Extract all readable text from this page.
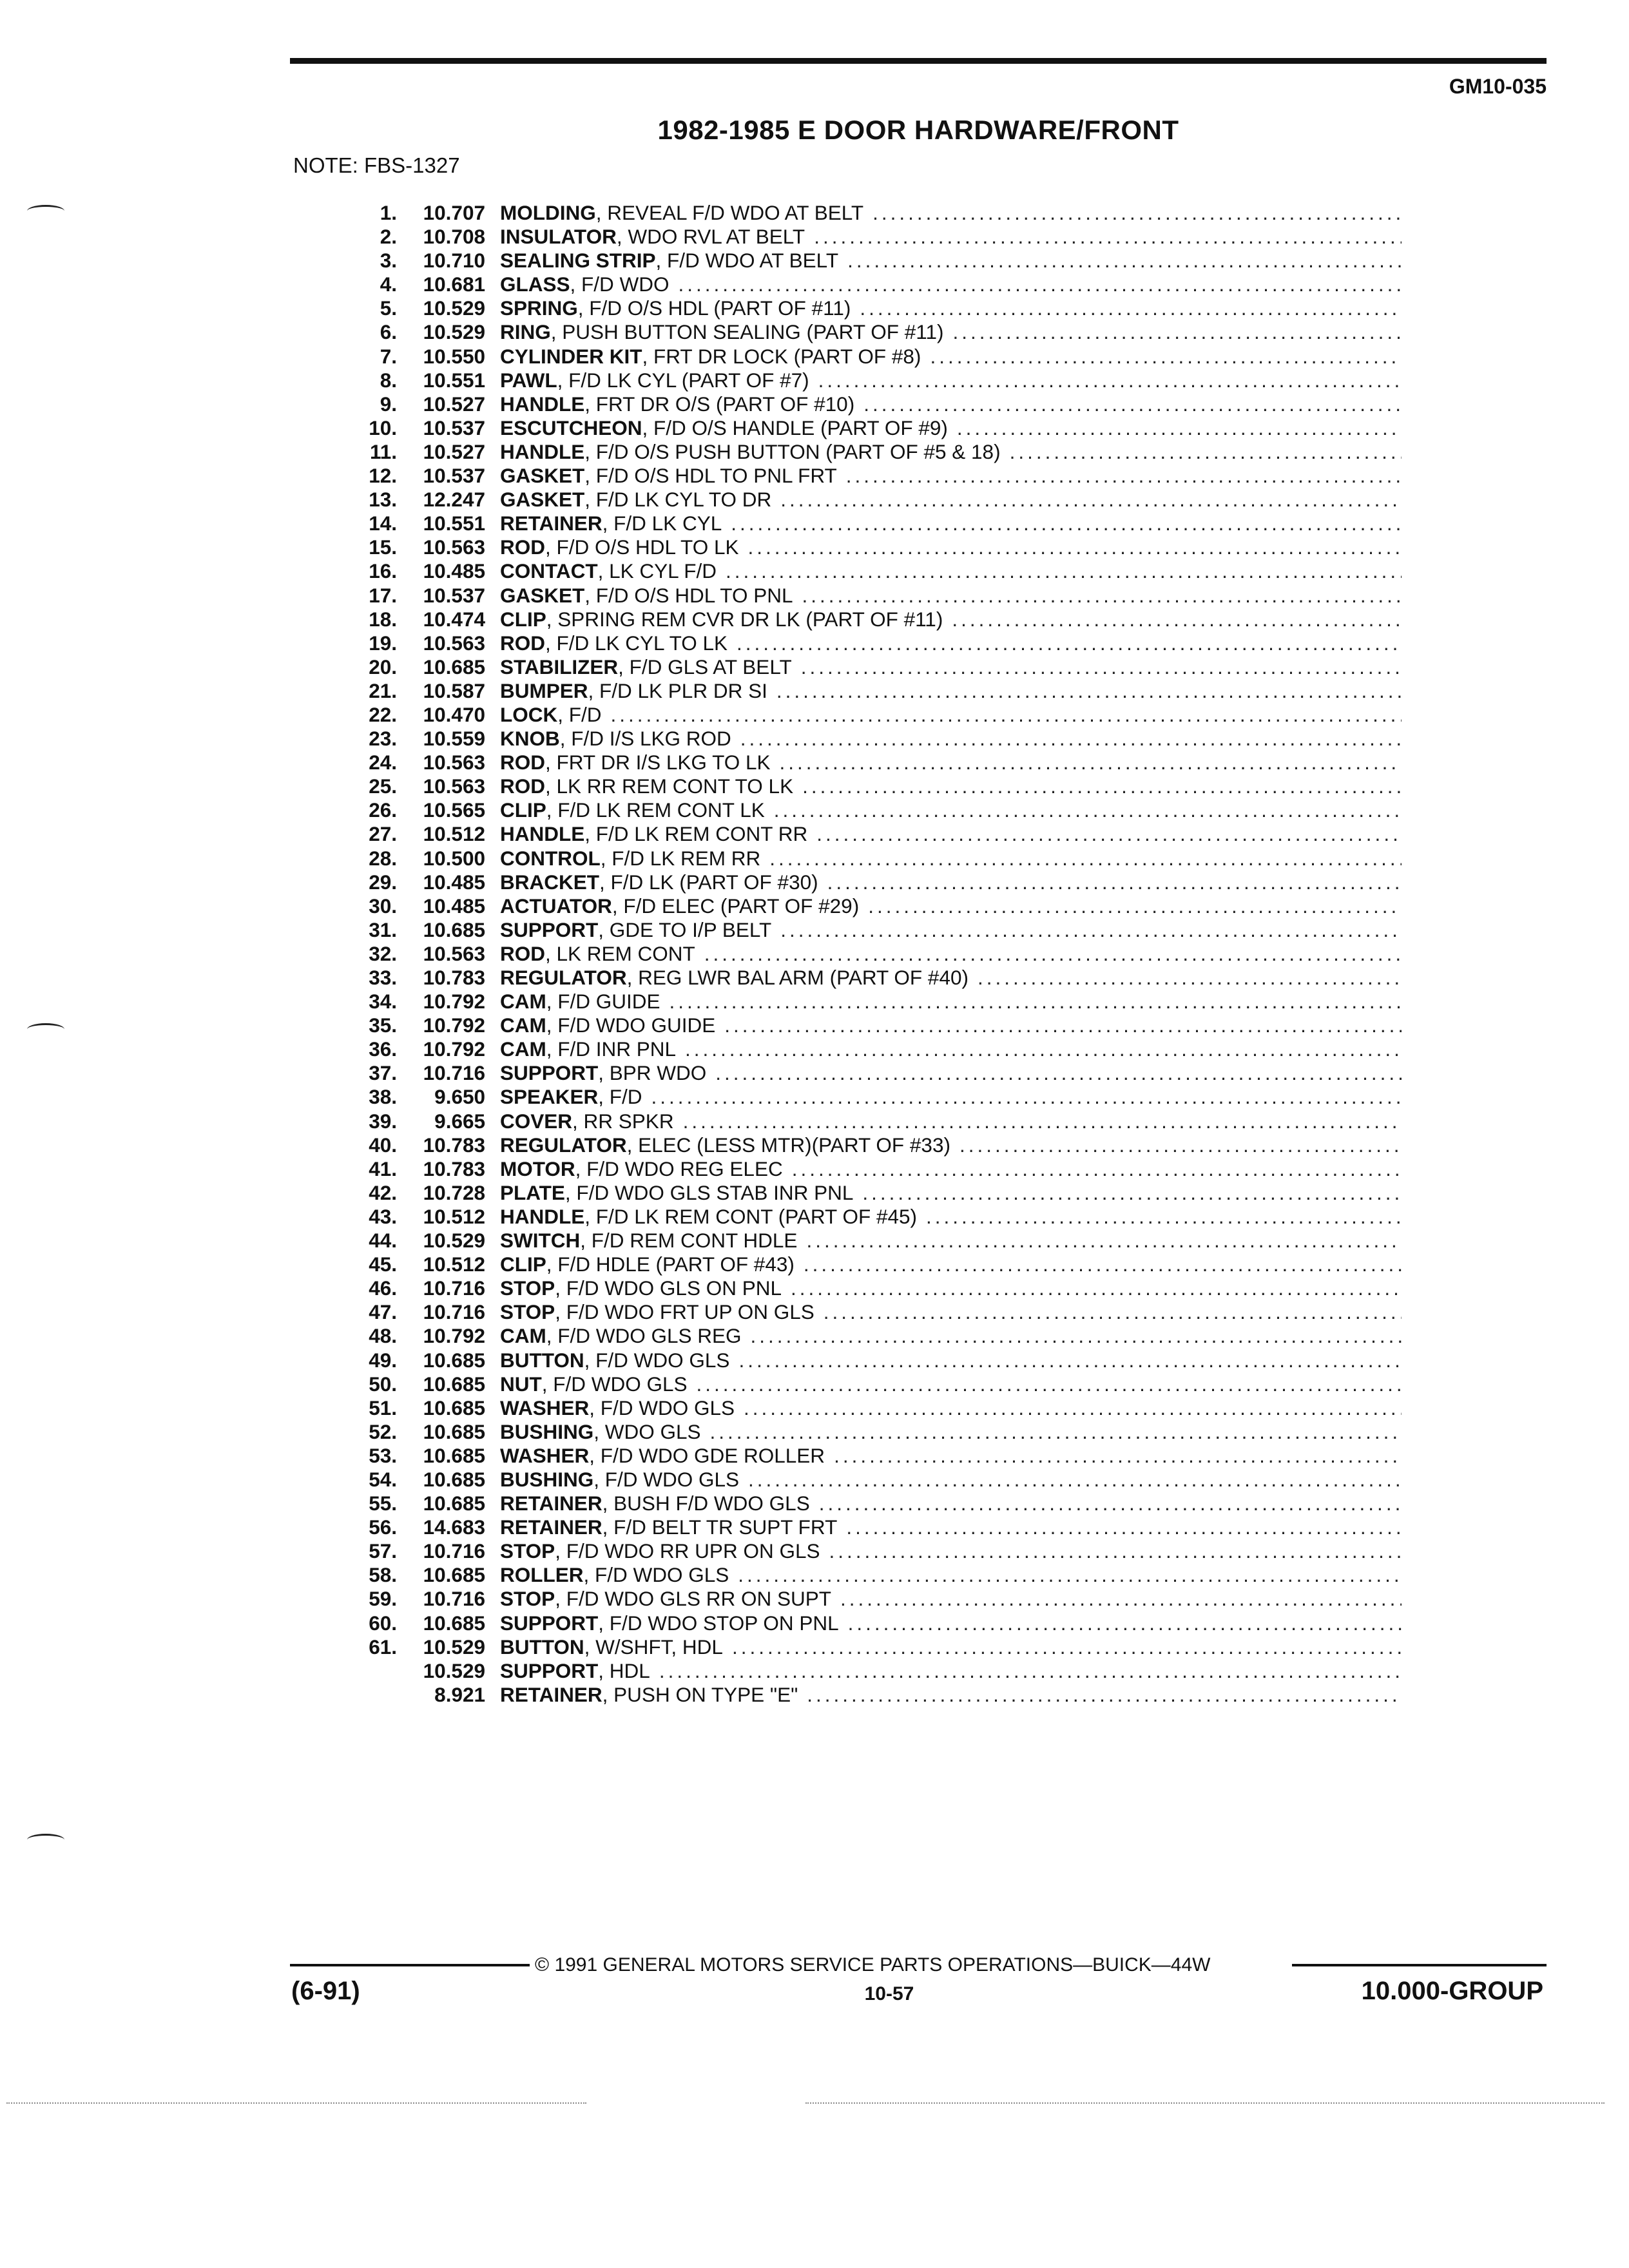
GM10-035
1982-1985 E DOOR HARDWARE/FRONT
NOTE: FBS-1327
1.	10.707 MOLDING, REVEAL F/D WDO AT BELT
.....
2.	10.708 INSULATOR, WDO RVL AT BELT
.....
3.	10.710 SEALING STRIP, F/D WDO AT BELT
.....
4.	10.681 GLASS, F/D WDO
.....
5.	10.529 SPRING, F/D O/S HDL (PART OF #11)
.....
6.	10.529 RING, PUSH BUTTON SEALING (PART OF #11)
.....
7.	10.550 CYLINDER KIT, FRT DR LOCK (PART OF #8)
.....
8.	10.551 PAWL, F/D LK CYL (PART OF #7)
.....
9.	10.527 HANDLE, FRT DR O/S (PART OF #10)
.....
10.	10.537 ESCUTCHEON, F/D O/S HANDLE (PART OF #9)
.....
11.	10.527 HANDLE, F/D O/S PUSH BUTTON (PART OF #5 & 18)
.....
12.	10.537 GASKET, F/D O/S HDL TO PNL FRT
.....
13.	12.247 GASKET, F/D LK CYL TO DR
.....
14.	10.551 RETAINER, F/D LK CYL
.....
15.	10.563 ROD, F/D O/S HDL TO LK
.....
16.	10.485 CONTACT, LK CYL F/D
.....
17.	10.537 GASKET, F/D O/S HDL TO PNL
.....
18.	10.474 CLIP, SPRING REM CVR DR LK (PART OF #11)
.....
19.	10.563 ROD, F/D LK CYL TO LK
.....
20.	10.685 STABILIZER, F/D GLS AT BELT
.....
21.	10.587 BUMPER, F/D LK PLR DR SI
.....
22.	10.470 LOCK, F/D
.....
23.	10.559 KNOB, F/D I/S LKG ROD
.....
24.	10.563 ROD, FRT DR I/S LKG TO LK
.....
25.	10.563 ROD, LK RR REM CONT TO LK
.....
26.	10.565 CLIP, F/D LK REM CONT LK
.....
27.	10.512 HANDLE, F/D LK REM CONT RR
.....
28.	10.500 CONTROL, F/D LK REM RR
.....
29.	10.485 BRACKET, F/D LK (PART OF #30)
.....
30.	10.485 ACTUATOR, F/D ELEC (PART OF #29)
.....
31.	10.685 SUPPORT, GDE TO I/P BELT
.....
32.	10.563 ROD, LK REM CONT
.....
33.	10.783 REGULATOR, REG LWR BAL ARM (PART OF #40)
.....
34.	10.792 CAM, F/D GUIDE
.....
35.	10.792 CAM, F/D WDO GUIDE
.....
36.	10.792 CAM, F/D INR PNL
.....
37.	10.716 SUPPORT, BPR WDO
.....
38.	9.650 SPEAKER, F/D
.....
39.	9.665 COVER, RR SPKR
.....
40.	10.783 REGULATOR, ELEC (LESS MTR)(PART OF #33)
.....
41.	10.783 MOTOR, F/D WDO REG ELEC
.....
42.	10.728 PLATE, F/D WDO GLS STAB INR PNL
.....
43.	10.512 HANDLE, F/D LK REM CONT (PART OF #45)
.....
44.	10.529 SWITCH, F/D REM CONT HDLE
.....
45.	10.512 CLIP, F/D HDLE (PART OF #43)
.....
46.	10.716 STOP, F/D WDO GLS ON PNL
.....
47.	10.716 STOP, F/D WDO FRT UP ON GLS
.....
48.	10.792 CAM, F/D WDO GLS REG
.....
49.	10.685 BUTTON, F/D WDO GLS
.....
50.	10.685 NUT, F/D WDO GLS
.....
51.	10.685 WASHER, F/D WDO GLS
.....
52.	10.685 BUSHING, WDO GLS
.....
53.	10.685 WASHER, F/D WDO GDE ROLLER
.....
54.	10.685 BUSHING, F/D WDO GLS
.....
55.	10.685 RETAINER, BUSH F/D WDO GLS
.....
56.	14.683 RETAINER, F/D BELT TR SUPT FRT
.....
57.	10.716 STOP, F/D WDO RR UPR ON GLS
.....
58.	10.685 ROLLER, F/D WDO GLS
.....
59.	10.716 STOP, F/D WDO GLS RR ON SUPT
.....
60.	10.685 SUPPORT, F/D WDO STOP ON PNL
.....
61.	10.529 BUTTON, W/SHFT, HDL
.....
10.529 SUPPORT, HDL
.....
8.921 RETAINER, PUSH ON TYPE "E"
.....
© 1991 GENERAL MOTORS SERVICE PARTS OPERATIONS—BUICK—44W
(6-91)	10-57	10.000-GROUP
